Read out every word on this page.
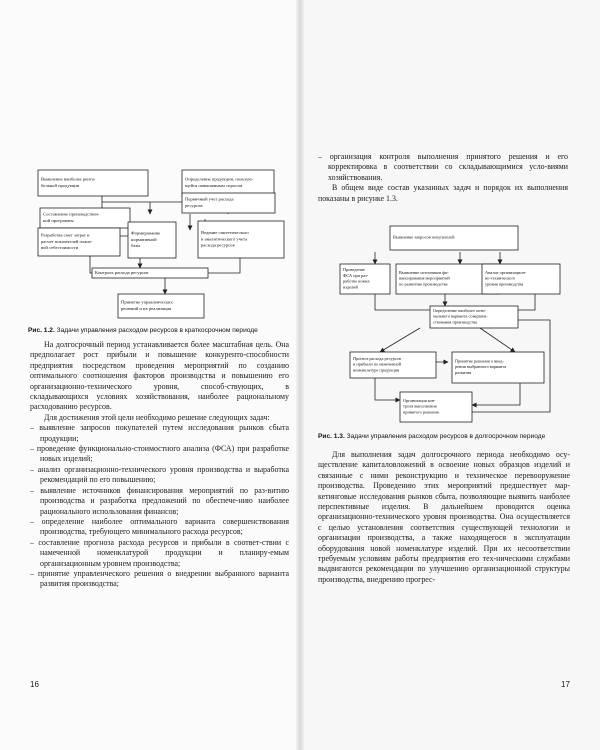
Выявление наиболее рента-
бельной продукции
Определение продукции, пользую-
щейся повышенным спросом
Составление производствен-
ной программы
Первичный учет расхода
ресурсов
Разработка смет затрат и
расчет показателей плано-
вой себестоимости
Формирование
нормативной
базы
Ведение синтетического
и аналитического учета
расхода ресурсов
Контроль расхода ресурсов
Принятие управленческих
решений и их реализация
Рис. 1.2. Задачи управления расходом ресурсов в краткосрочном периоде

На долгосрочный период устанавливается более масштабная цель. Она предполагает рост прибыли и повышение конкуренто-способности предприятия посредством проведения мероприятий по созданию оптимального соотношения факторов производства и повышению его организационно-технического уровня, способ-ствующих, в складывающихся условиях хозяйствования, наиболее рациональному расходованию ресурсов.

Для достижения этой цели необходимо решение следующих задач:

– выявление запросов покупателей путем исследования рынков сбыта продукции;

– проведение функционально-стоимостного анализа (ФСА) при разработке новых изделий;

– анализ организационно-технического уровня производства и выработка рекомендаций по его повышению;

– выявление источников финансирования мероприятий по раз-витию производства и разработка предложений по обеспече-нию наиболее рационального использования финансов;

– определение наиболее оптимального варианта совершенствования производства, требующего минимального расхода ресурсов;

– составление прогноза расхода ресурсов и прибыли в соответ-ствии с намеченной номенклатурой продукции и планиру-емым организационным уровнем производства;

– принятие управленческого решения о внедрении выбранного варианта развития производства;

16

– организация контроля выполнения принятого решения и его корректировка в соответствии со складывающимися усло-виями хозяйствования.

В общем виде состав указанных задач и порядок их выполнения показаны в рисунке 1.3.

Выявление запросов покупателей
Проведение
ФСА при раз-
работке новых
изделий
Выявление источников фи-
нансирования мероприятий
по развитию производства
Анализ организацион-
но-технического
уровня производства
Определение наиболее опти-
мального варианта совершен-
ствования производства
Прогноз расхода ресурсов
и прибыли по намеченной
номенклатуре продукции
Принятие решения о внед-
рении выбранного варианта
развития
Организация кон-
троля выполнения
принятого решения
Рис. 1.3. Задачи управления расходом ресурсов в долгосрочном периоде

Для выполнения задач долгосрочного периода необходимо осу-ществление капиталовложений в освоение новых образцов изделий и связанные с ними реконструкцию и техническое перевооружение производства. Проведению этих мероприятий предшествует мар-кетинговые исследования рынков сбыта, позволяющие выявить наиболее перспективные изделия. В дальнейшем проводится оценка организационно-технического уровня производства. Она осуществляется с целью установления соответствия существующей технологии и организации производства, а также находящегося в эксплуатации оборудования новой номенклатуре изделий. При их несоответствии требуемым условиям работы предприятия его тех-ническими службами выдвигаются рекомендации по улучшению организационной структуры производства, внедрению прогрес-

17
